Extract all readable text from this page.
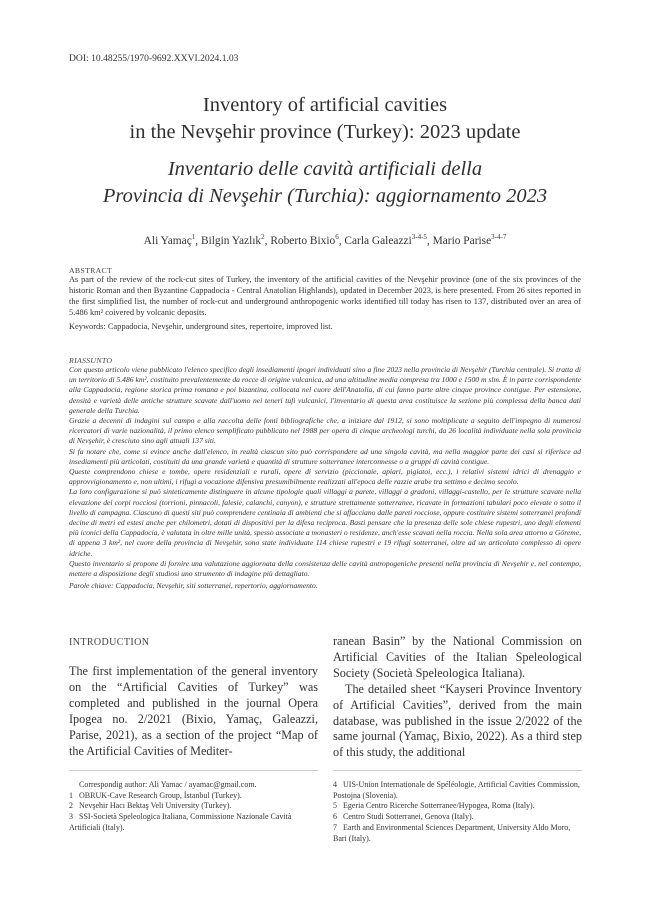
DOI: 10.48255/1970-9692.XXVI.2024.1.03
Inventory of artificial cavities
in the Nevşehir province (Turkey): 2023 update
Inventario delle cavità artificiali della
Provincia di Nevşehir (Turchia): aggiornamento 2023
Ali Yamaç$^1$, Bilgin Yazlık$^2$, Roberto Bixio$^6$, Carla Galeazzi$^{3-4-5}$, Mario Parise$^{3-4-7}$
ABSTRACT

As part of the review of the rock-cut sites of Turkey, the inventory of the artificial cavities of the Nevşehir province (one of the six provinces of the historic Roman and then Byzantine Cappadocia - Central Anatolian Highlands), updated in December 2023, is here presented. From 26 sites reported in the first simplified list, the number of rock-cut and underground anthropogenic works identified till today has risen to 137, distributed over an area of 5.486 km² coivered by volcanic deposits.

Keywords: Cappadocia, Nevşehir, underground sites, repertoire, improved list.

RIASSUNTO

Con questo articolo viene pubblicato l'elenco specifico degli insediamenti ipogei individuati sino a fine 2023 nella provincia di Nevşehir (Turchia centrale). Si tratta di un territorio di 5.486 km², costituito prevalentemente da rocce di origine vulcanica, ad una altitudine media compresa tra 1000 e 1500 m slm. È in parte corrispondente alla Cappadocia, regione storica prima romana e poi bizantina, collocata nel cuore dell'Anatolia, di cui fanno parte altre cinque province contigue. Per estensione, densità e varietà delle antiche strutture scavate dall'uomo nei teneri tufi vulcanici, l'inventario di questa area costituisce la sezione più complessa della banca dati generale della Turchia.

Grazie a decenni di indagini sul campo e alla raccolta delle fonti bibliografiche che, a iniziare dal 1912, si sono moltiplicate a seguito dell'impegno di numerosi ricercatori di varie nazionalità, il primo elenco semplificato pubblicato nel 1988 per opera di cinque archeologi turchi, da 26 località individuate nella sola provincia di Nevşehir, è cresciuto sino agli attuali 137 siti.

Si fa notare che, come si evince anche dall'elenco, in realtà ciascun sito può corrispondere ad una singola cavità, ma nella maggior parte dei casi si riferisce ad insediamenti più articolati, costituiti da una grande varietà e quantità di strutture sotterranee interconnesse o a gruppi di cavità contigue.

Queste comprendono chiese e tombe, opere residenziali e rurali, opere di servizio (piccionaie, apiari, pigiatoi, ecc.), i relativi sistemi idrici di drenaggio e approvvigionamento e, non ultimi, i rifugi a vocazione difensiva presumibilmente realizzati all'epoca delle razzie arabe tra settimo e decimo secolo.

La loro configurazione si può sinteticamente distinguere in alcune tipologie quali villaggi a parete, villaggi a gradoni, villaggi-castello, per le strutture scavate nella elevazione dei corpi rocciosi (torrioni, pinnacoli, falesie, calanchi, canyon), e strutture strettamente sotterranee, ricavate in formazioni tabulari poco elevate o sotto il livello di campagna. Ciascuno di questi siti può comprendere centinaia di ambienti che si affacciano dalle pareti rocciose, oppure costituire sistemi sotterranei profondi decine di metri ed estesi anche per chilometri, dotati di dispositivi per la difesa reciproca. Basti pensare che la presenza delle sole chiese rupestri, uno degli elementi più iconici della Cappadocia, è valutata in oltre mille unità, spesso associate a monasteri o residenze, anch'esse scavati nella roccia. Nella sola area attorno a Göreme, di appena 3 km², nel cuore della provincia di Nevşehir, sono state individuate 114 chiese rupestri e 19 rifugi sotterranei, oltre ad un articolato complesso di opere idriche.

Questo inventario si propone di fornire una valutazione aggiornata della consistenza delle cavità antropogeniche presenti nella provincia di Nevşehir e, nel contempo, mettere a disposizione degli studiosi uno strumento di indagine più dettagliato.

Parole chiave: Cappadocia, Nevşehir, siti sotterranei, repertorio, aggiornamento.

INTRODUCTION
The first implementation of the general inventory on the “Artificial Cavities of Turkey” was completed and published in the journal Opera Ipogea no. 2/2021 (Bixio, Yamaç, Galeazzi, Parise, 2021), as a section of the project “Map of the Artificial Cavities of Mediter-

ranean Basin” by the National Commission on Artificial Cavities of the Italian Speleological Society (Società Speleologica Italiana).

The detailed sheet “Kayseri Province Inventory of Artificial Cavities”, derived from the main database, was published in the issue 2/2022 of the same journal (Yamaç, Bixio, 2022). As a third step of this study, the additional

Correspondig author: Ali Yamac / ayamac@gmail.com.

1 OBRUK-Cave Research Group, İstanbul (Turkey).

2 Nevşehir Hacı Bektaş Veli University (Turkey).

3 SSI-Società Speleologica Italiana, Commissione Nazionale Cavità Artificiali (Italy).

4 UIS-Union Internationale de Spéléologie, Artificial Cavities Commission, Postojna (Slovenia).

5 Egeria Centro Ricerche Sotterranee/Hypogea, Roma (Italy).

6 Centro Studi Sotterranei, Genova (Italy).

7 Earth and Environmental Sciences Department, University Aldo Moro, Bari (Italy).
